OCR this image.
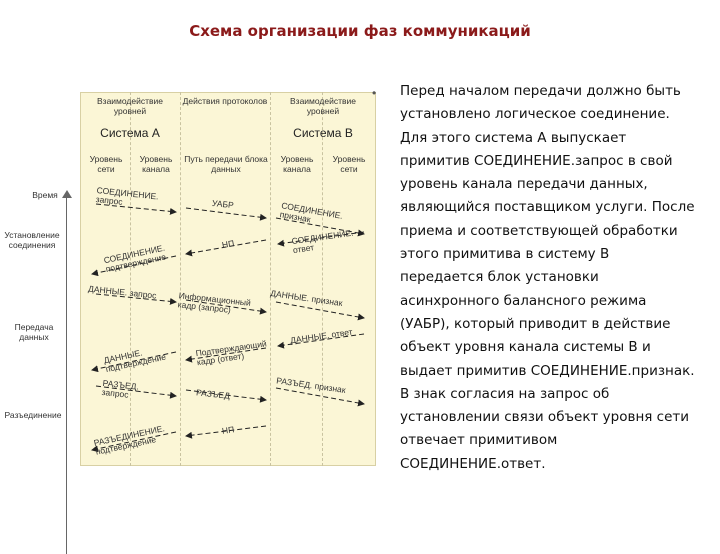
Схема организации фаз коммуникаций
Взаимодействие уровней
Действия протоколов	Взаимодействие уровней
Система А	Система В
Уровень сети
Уровень канала
Путь передачи блока данных
Уровень канала
Уровень сети
Время
Установление соединения
Передача данных
Разъединение
СОЕДИНЕНИЕ. запрос	УАБР	СОЕДИНЕНИЕ. признак
СОЕДИНЕНИЕ. ответ
НП
СОЕДИНЕНИЕ. подтверждение
ДАННЫЕ. запрос	Информационный кадр (запрос)	ДАННЫЕ. признак
ДАННЫЕ. ответ
Подтверждающий кадр (ответ)
ДАННЫЕ. подтверждение
РАЗЪЕД. запрос	РАЗЪЕД	РАЗЪЕД. признак
НП
РАЗЪЕДИНЕНИЕ. подтверждение
• Перед началом передачи должно быть установлено логическое соединение. Для этого система А выпускает примитив СОЕДИНЕНИЕ.запрос в свой уровень канала передачи данных, являющийся поставщиком услуги. После приема и соответствующей обработки этого примитива в систему В передается блок установки асинхронного балансного режима (УАБР), который приводит в действие объект уровня канала системы В и выдает примитив СОЕДИНЕНИЕ.признак. В знак согласия на запрос об установлении связи объект уровня сети отвечает примитивом СОЕДИНЕНИЕ.ответ.
